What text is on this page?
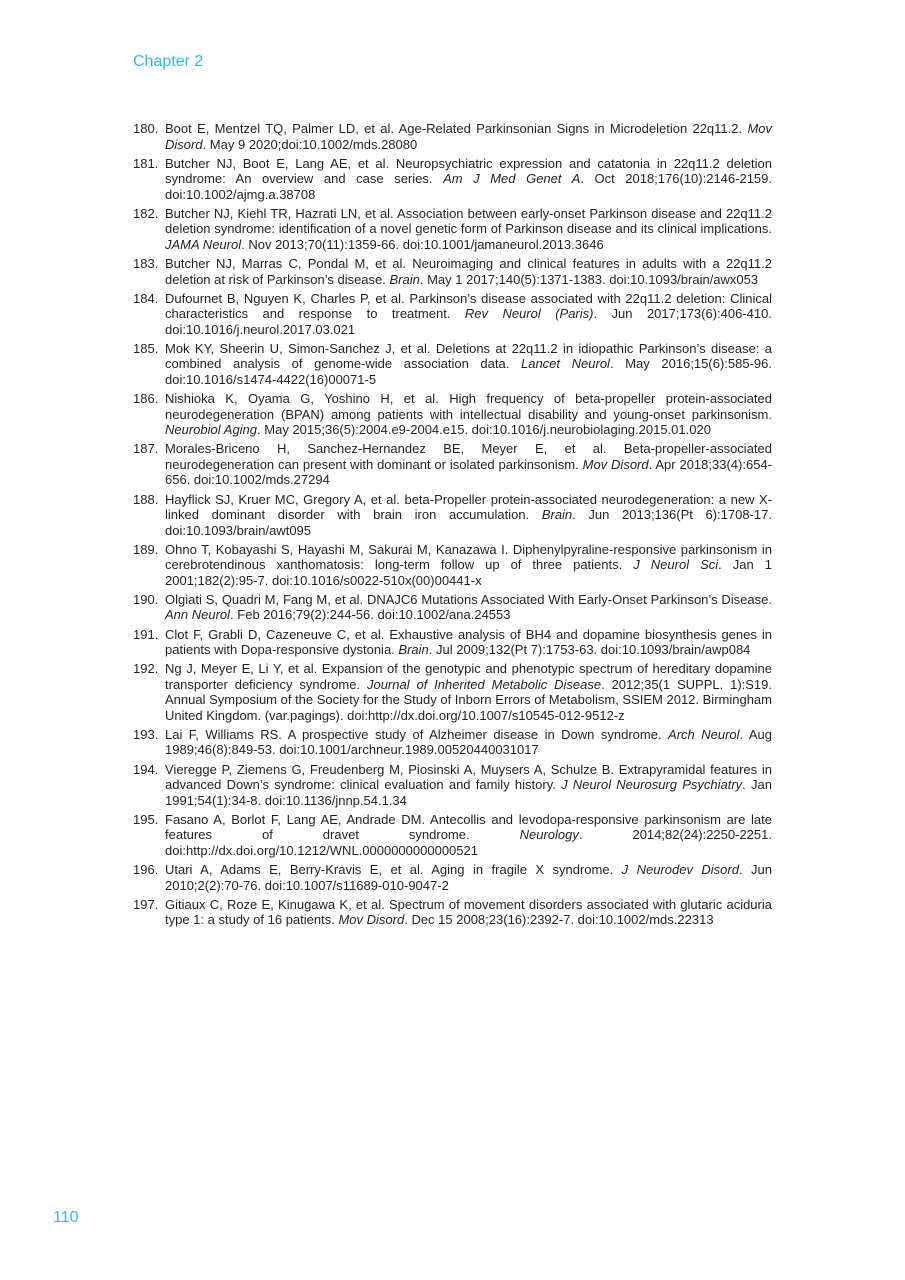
Chapter 2
180. Boot E, Mentzel TQ, Palmer LD, et al. Age-Related Parkinsonian Signs in Microdeletion 22q11.2. Mov Disord. May 9 2020;doi:10.1002/mds.28080
181. Butcher NJ, Boot E, Lang AE, et al. Neuropsychiatric expression and catatonia in 22q11.2 deletion syndrome: An overview and case series. Am J Med Genet A. Oct 2018;176(10):2146-2159. doi:10.1002/ajmg.a.38708
182. Butcher NJ, Kiehl TR, Hazrati LN, et al. Association between early-onset Parkinson disease and 22q11.2 deletion syndrome: identification of a novel genetic form of Parkinson disease and its clinical implications. JAMA Neurol. Nov 2013;70(11):1359-66. doi:10.1001/jamaneurol.2013.3646
183. Butcher NJ, Marras C, Pondal M, et al. Neuroimaging and clinical features in adults with a 22q11.2 deletion at risk of Parkinson’s disease. Brain. May 1 2017;140(5):1371-1383. doi:10.1093/brain/awx053
184. Dufournet B, Nguyen K, Charles P, et al. Parkinson’s disease associated with 22q11.2 deletion: Clinical characteristics and response to treatment. Rev Neurol (Paris). Jun 2017;173(6):406-410. doi:10.1016/j.neurol.2017.03.021
185. Mok KY, Sheerin U, Simon-Sanchez J, et al. Deletions at 22q11.2 in idiopathic Parkinson’s disease: a combined analysis of genome-wide association data. Lancet Neurol. May 2016;15(6):585-96. doi:10.1016/s1474-4422(16)00071-5
186. Nishioka K, Oyama G, Yoshino H, et al. High frequency of beta-propeller protein-associated neurodegeneration (BPAN) among patients with intellectual disability and young-onset parkinsonism. Neurobiol Aging. May 2015;36(5):2004.e9-2004.e15. doi:10.1016/j.neurobiolaging.2015.01.020
187. Morales-Briceno H, Sanchez-Hernandez BE, Meyer E, et al. Beta-propeller-associated neurodegeneration can present with dominant or isolated parkinsonism. Mov Disord. Apr 2018;33(4):654-656. doi:10.1002/mds.27294
188. Hayflick SJ, Kruer MC, Gregory A, et al. beta-Propeller protein-associated neurodegeneration: a new X-linked dominant disorder with brain iron accumulation. Brain. Jun 2013;136(Pt 6):1708-17. doi:10.1093/brain/awt095
189. Ohno T, Kobayashi S, Hayashi M, Sakurai M, Kanazawa I. Diphenylpyraline-responsive parkinsonism in cerebrotendinous xanthomatosis: long-term follow up of three patients. J Neurol Sci. Jan 1 2001;182(2):95-7. doi:10.1016/s0022-510x(00)00441-x
190. Olgiati S, Quadri M, Fang M, et al. DNAJC6 Mutations Associated With Early-Onset Parkinson’s Disease. Ann Neurol. Feb 2016;79(2):244-56. doi:10.1002/ana.24553
191. Clot F, Grabli D, Cazeneuve C, et al. Exhaustive analysis of BH4 and dopamine biosynthesis genes in patients with Dopa-responsive dystonia. Brain. Jul 2009;132(Pt 7):1753-63. doi:10.1093/brain/awp084
192. Ng J, Meyer E, Li Y, et al. Expansion of the genotypic and phenotypic spectrum of hereditary dopamine transporter deficiency syndrome. Journal of Inherited Metabolic Disease. 2012;35(1 SUPPL. 1):S19. Annual Symposium of the Society for the Study of Inborn Errors of Metabolism, SSIEM 2012. Birmingham United Kingdom. (var.pagings). doi:http://dx.doi.org/10.1007/s10545-012-9512-z
193. Lai F, Williams RS. A prospective study of Alzheimer disease in Down syndrome. Arch Neurol. Aug 1989;46(8):849-53. doi:10.1001/archneur.1989.00520440031017
194. Vieregge P, Ziemens G, Freudenberg M, Piosinski A, Muysers A, Schulze B. Extrapyramidal features in advanced Down’s syndrome: clinical evaluation and family history. J Neurol Neurosurg Psychiatry. Jan 1991;54(1):34-8. doi:10.1136/jnnp.54.1.34
195. Fasano A, Borlot F, Lang AE, Andrade DM. Antecollis and levodopa-responsive parkinsonism are late features of dravet syndrome.	Neurology. 2014;82(24):2250-2251. doi:http://dx.doi.org/10.1212/WNL.0000000000000521
196. Utari A, Adams E, Berry-Kravis E, et al. Aging in fragile X syndrome. J Neurodev Disord. Jun 2010;2(2):70-76. doi:10.1007/s11689-010-9047-2
197. Gitiaux C, Roze E, Kinugawa K, et al. Spectrum of movement disorders associated with glutaric aciduria type 1: a study of 16 patients. Mov Disord. Dec 15 2008;23(16):2392-7. doi:10.1002/mds.22313
110
